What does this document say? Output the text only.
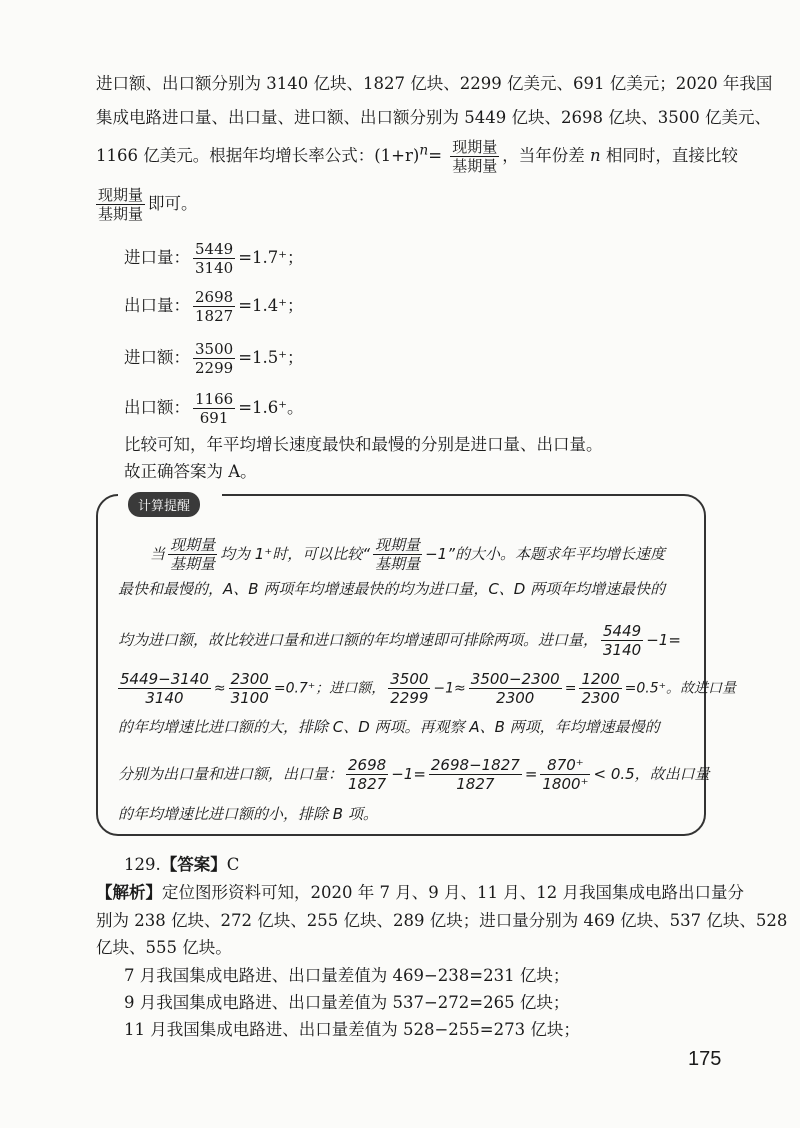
进口额、出口额分别为 3140 亿块、1827 亿块、2299 亿美元、691 亿美元；2020 年我国
集成电路进口量、出口量、进口额、出口额分别为 5449 亿块、2698 亿块、3500 亿美元、
1166 亿美元。根据年均增长率公式：$(1+r)^n=$ 现期量
基期量
，当年份差 n 相同时，直接比较
现期量
基期量
即可。
进口量： $\frac{5449}{3140} =1.7^+$；
出口量： $\frac{2698}{1827} =1.4^+$；
进口额： $\frac{3500}{2299} =1.5^+$；
出口额： $\frac{1166}{691} =1.6^+$。
比较可知，年平均增长速度最快和最慢的分别是进口量、出口量。
故正确答案为 A。
计算提醒
当 现期量
基期量
均为 1⁺时，可以比较“ 现期量
基期量
−1”的大小。本题求年平均增长速度
最快和最慢的，A、B 两项年均增速最快的均为进口量，C、D 两项年均增速最快的
均为进口额，故比较进口量和进口额的年均增速即可排除两项。进口量， $\frac{5449}{3140} -1=$
$\frac{5449-3140}{3140} \approx \frac{2300}{3100} =0.7^+$；进口额， $\frac{3500}{2299} -1\approx \frac{3500-2300}{2300} = \frac{1200}{2300} =0.5^+$。故进口量
的年均增速比进口额的大，排除 C、D 两项。再观察 A、B 两项，年均增速最慢的
分别为出口量和进口额，出口量： $\frac{2698}{1827} -1= \frac{2698-1827}{1827} = \frac{870^+}{1800^+} < 0.5$，故出口量
的年均增速比进口额的小，排除 B 项。
129.【答案】C
【解析】定位图形资料可知，2020 年 7 月、9 月、11 月、12 月我国集成电路出口量分
别为 238 亿块、272 亿块、255 亿块、289 亿块；进口量分别为 469 亿块、537 亿块、528
亿块、555 亿块。
7 月我国集成电路进、出口量差值为 469−238=231 亿块；
9 月我国集成电路进、出口量差值为 537−272=265 亿块；
11 月我国集成电路进、出口量差值为 528−255=273 亿块；
175
